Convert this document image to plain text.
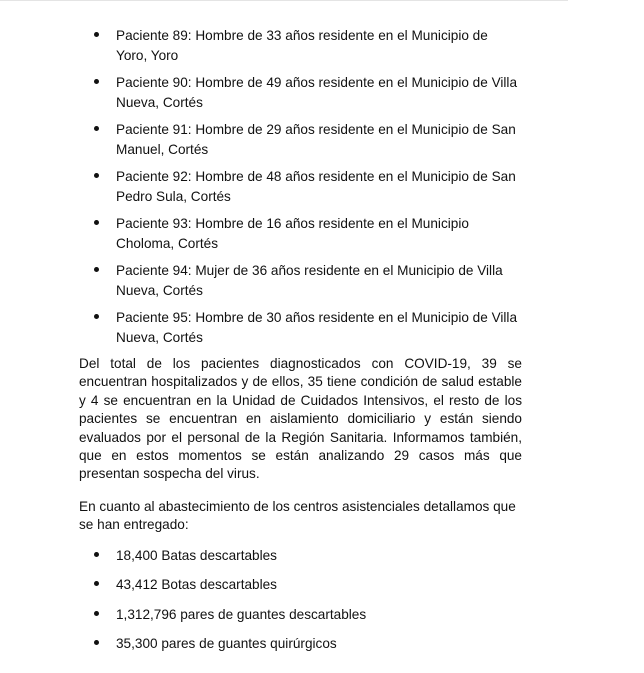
Paciente 89: Hombre de 33 años residente en el Municipio de Yoro, Yoro
Paciente 90: Hombre de 49 años residente en el Municipio de Villa Nueva, Cortés
Paciente 91: Hombre de 29 años residente en el Municipio de San Manuel, Cortés
Paciente 92: Hombre de 48 años residente en el Municipio de San Pedro Sula, Cortés
Paciente 93: Hombre de 16 años residente en el Municipio Choloma, Cortés
Paciente 94: Mujer de 36 años residente en el Municipio de Villa Nueva, Cortés
Paciente 95: Hombre de 30 años residente en el Municipio de Villa Nueva, Cortés

Del total de los pacientes diagnosticados con COVID-19, 39 se encuentran hospitalizados y de ellos, 35 tiene condición de salud estable y 4 se encuentran en la Unidad de Cuidados Intensivos, el resto de los pacientes se encuentran en aislamiento domiciliario y están siendo evaluados por el personal de la Región Sanitaria. Informamos también, que en estos momentos se están analizando 29 casos más que presentan sospecha del virus.

En cuanto al abastecimiento de los centros asistenciales detallamos que se han entregado:

18,400 Batas descartables
43,412 Botas descartables
1,312,796 pares de guantes descartables
35,300 pares de guantes quirúrgicos
